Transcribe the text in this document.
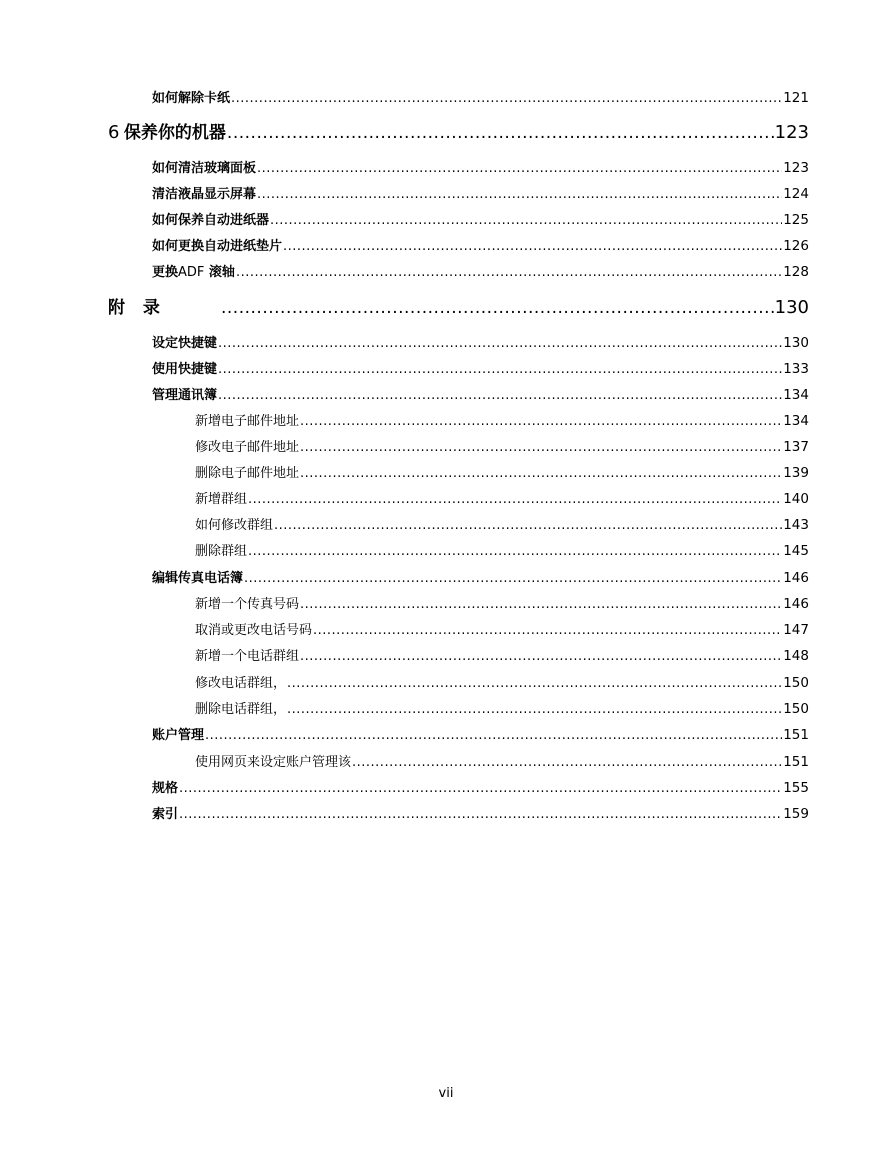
如何解除卡纸 .....	121
6 保养你的机器 .....	123
如何清洁玻璃面板 .....	123
清洁液晶显示屏幕 .....	124
如何保养自动进纸器 .....	125
如何更换自动进纸垫片 .....	126
更换ADF 滚轴 .....	128
附 录 .....	130
设定快捷键 .....	130
使用快捷键 .....	133
管理通讯簿 .....	134
新增电子邮件地址 .....	134
修改电子邮件地址 .....	137
删除电子邮件地址 .....	139
新增群组 .....	140
如何修改群组 .....	143
删除群组 .....	145
编辑传真电话簿 .....	146
新增一个传真号码 .....	146
取消或更改电话号码 .....	147
新增一个电话群组 .....	148
修改电话群组， .....	150
删除电话群组， .....	150
账户管理 .....	151
使用网页来设定账户管理该 .....	151
规格 .....	155
索引 .....	159
vii
